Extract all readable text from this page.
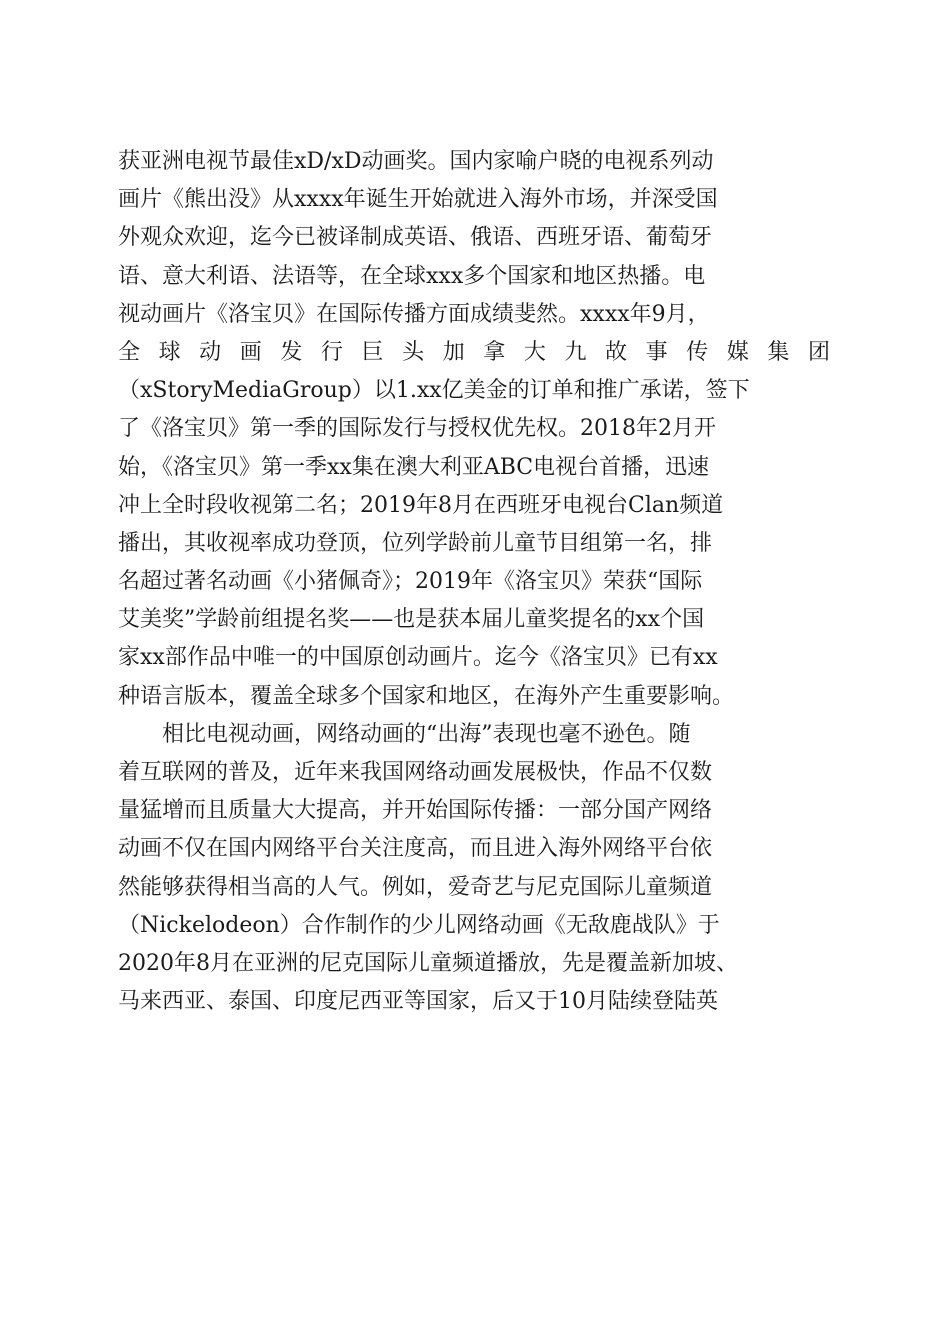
获亚洲电视节最佳xD/xD动画奖。国内家喻户晓的电视系列动
画片《熊出没》从xxxx年诞生开始就进入海外市场，并深受国
外观众欢迎，迄今已被译制成英语、俄语、西班牙语、葡萄牙
语、意大利语、法语等，在全球xxx多个国家和地区热播。电
视动画片《洛宝贝》在国际传播方面成绩斐然。xxxx年9月，
全球动画发行巨头加拿大九故事传媒集团
（xStoryMediaGroup）以1.xx亿美金的订单和推广承诺，签下
了《洛宝贝》第一季的国际发行与授权优先权。2018年2月开
始，《洛宝贝》第一季xx集在澳大利亚ABC电视台首播，迅速
冲上全时段收视第二名；2019年8月在西班牙电视台Clan频道
播出，其收视率成功登顶，位列学龄前儿童节目组第一名，排
名超过著名动画《小猪佩奇》；2019年《洛宝贝》荣获“国际
艾美奖”学龄前组提名奖——也是获本届儿童奖提名的xx个国
家xx部作品中唯一的中国原创动画片。迄今《洛宝贝》已有xx
种语言版本，覆盖全球多个国家和地区，在海外产生重要影响。
相比电视动画，网络动画的“出海”表现也毫不逊色。随
着互联网的普及，近年来我国网络动画发展极快，作品不仅数
量猛增而且质量大大提高，并开始国际传播：一部分国产网络
动画不仅在国内网络平台关注度高，而且进入海外网络平台依
然能够获得相当高的人气。例如，爱奇艺与尼克国际儿童频道
（Nickelodeon）合作制作的少儿网络动画《无敌鹿战队》于
2020年8月在亚洲的尼克国际儿童频道播放，先是覆盖新加坡、
马来西亚、泰国、印度尼西亚等国家，后又于10月陆续登陆英
